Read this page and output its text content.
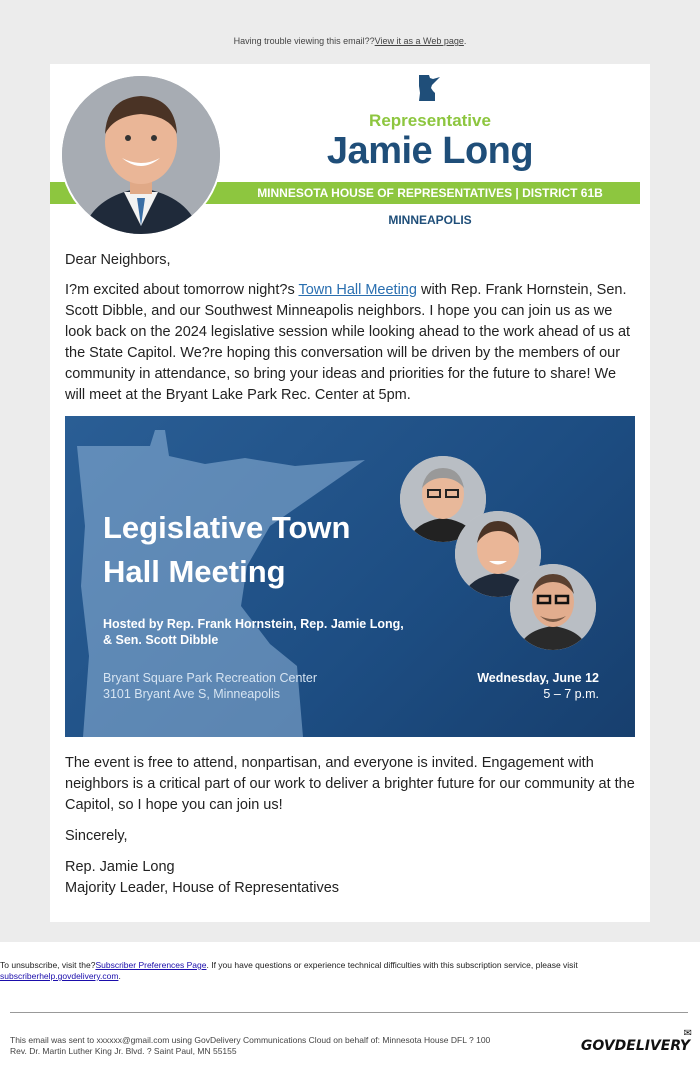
Having trouble viewing this email??View it as a Web page.
Representative
Jamie Long
MINNESOTA HOUSE OF REPRESENTATIVES | DISTRICT 61B
MINNEAPOLIS
Dear Neighbors,
I?m excited about tomorrow night?s Town Hall Meeting with Rep. Frank Hornstein, Sen. Scott Dibble, and our Southwest Minneapolis neighbors. I hope you can join us as we look back on the 2024 legislative session while looking ahead to the work ahead of us at the State Capitol. We?re hoping this conversation will be driven by the members of our community in attendance, so bring your ideas and priorities for the future to share! We will meet at the Bryant Lake Park Rec. Center at 5pm.
Legislative Town
Hall Meeting
Hosted by Rep. Frank Hornstein, Rep. Jamie Long,
& Sen. Scott Dibble
Bryant Square Park Recreation Center
3101 Bryant Ave S, Minneapolis
Wednesday, June 12
5 – 7 p.m.
The event is free to attend, nonpartisan, and everyone is invited. Engagement with neighbors is a critical part of our work to deliver a brighter future for our community at the Capitol, so I hope you can join us!
Sincerely,
Rep. Jamie Long
Majority Leader, House of Representatives
To unsubscribe, visit the?Subscriber Preferences Page. If you have questions or experience technical difficulties with this subscription service, please visit subscriberhelp.govdelivery.com.
This email was sent to xxxxxx@gmail.com using GovDelivery Communications Cloud on behalf of: Minnesota House DFL ? 100
Rev. Dr. Martin Luther King Jr. Blvd. ? Saint Paul, MN 55155	GOVDELIVERY
✉
